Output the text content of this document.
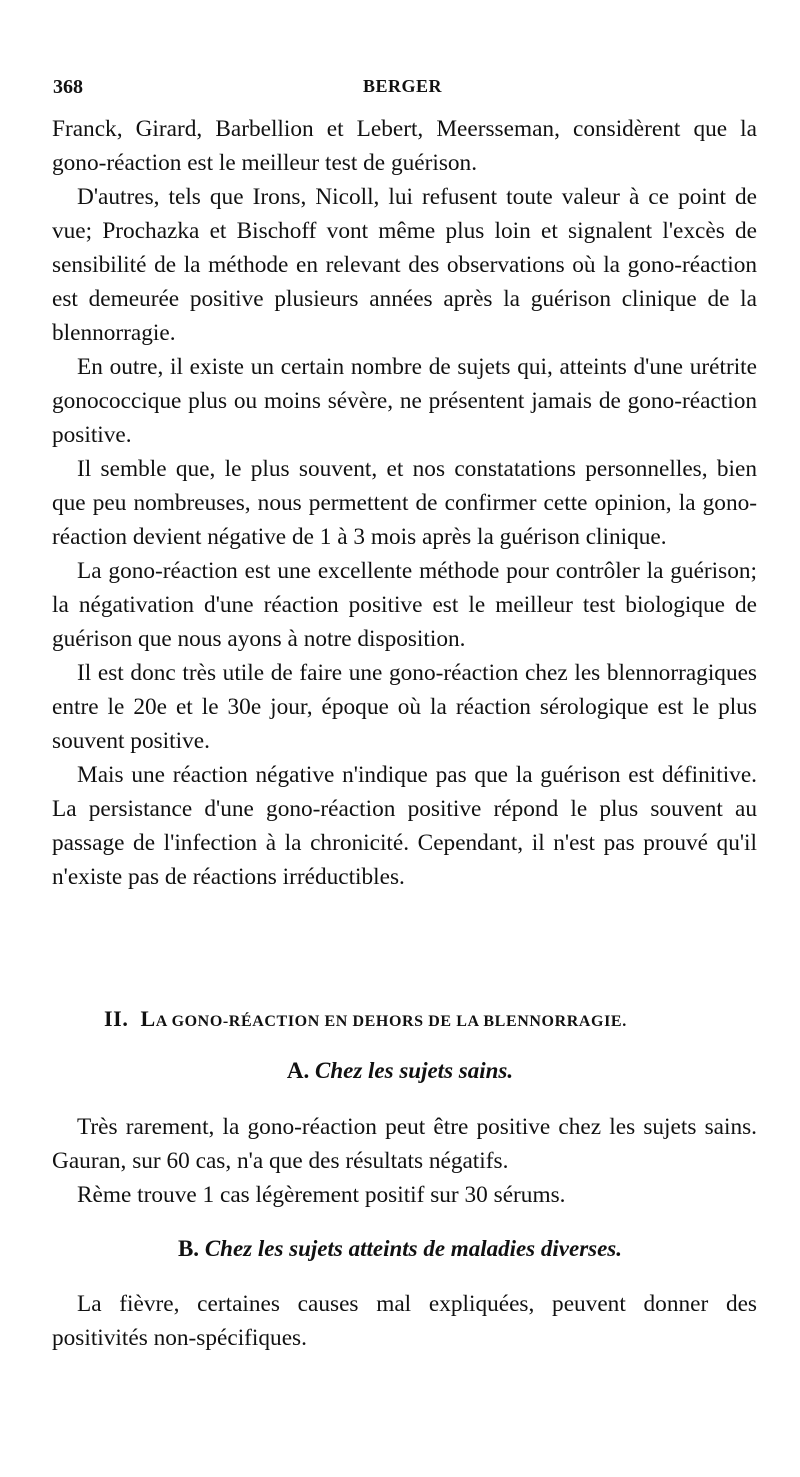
368	BERGER

Franck, Girard, Barbellion et Lebert, Meersseman, considèrent que la gono-réaction est le meilleur test de guérison.

D'autres, tels que Irons, Nicoll, lui refusent toute valeur à ce point de vue; Prochazka et Bischoff vont même plus loin et signalent l'excès de sensibilité de la méthode en relevant des observations où la gono-réaction est demeurée positive plusieurs années après la guérison clinique de la blennorragie.

En outre, il existe un certain nombre de sujets qui, atteints d'une urétrite gonococcique plus ou moins sévère, ne présentent jamais de gono-réaction positive.

Il semble que, le plus souvent, et nos constatations personnelles, bien que peu nombreuses, nous permettent de confirmer cette opinion, la gono-réaction devient négative de 1 à 3 mois après la guérison clinique.

La gono-réaction est une excellente méthode pour contrôler la guérison; la négativation d'une réaction positive est le meilleur test biologique de guérison que nous ayons à notre disposition.

Il est donc très utile de faire une gono-réaction chez les blennorragiques entre le 20e et le 30e jour, époque où la réaction sérologique est le plus souvent positive.

Mais une réaction négative n'indique pas que la guérison est définitive. La persistance d'une gono-réaction positive répond le plus souvent au passage de l'infection à la chronicité. Cependant, il n'est pas prouvé qu'il n'existe pas de réactions irréductibles.

II. LA GONO-RÉACTION EN DEHORS DE LA BLENNORRAGIE.
A. Chez les sujets sains.

Très rarement, la gono-réaction peut être positive chez les sujets sains. Gauran, sur 60 cas, n'a que des résultats négatifs.

Rème trouve 1 cas légèrement positif sur 30 sérums.

B. Chez les sujets atteints de maladies diverses.

La fièvre, certaines causes mal expliquées, peuvent donner des positivités non-spécifiques.
